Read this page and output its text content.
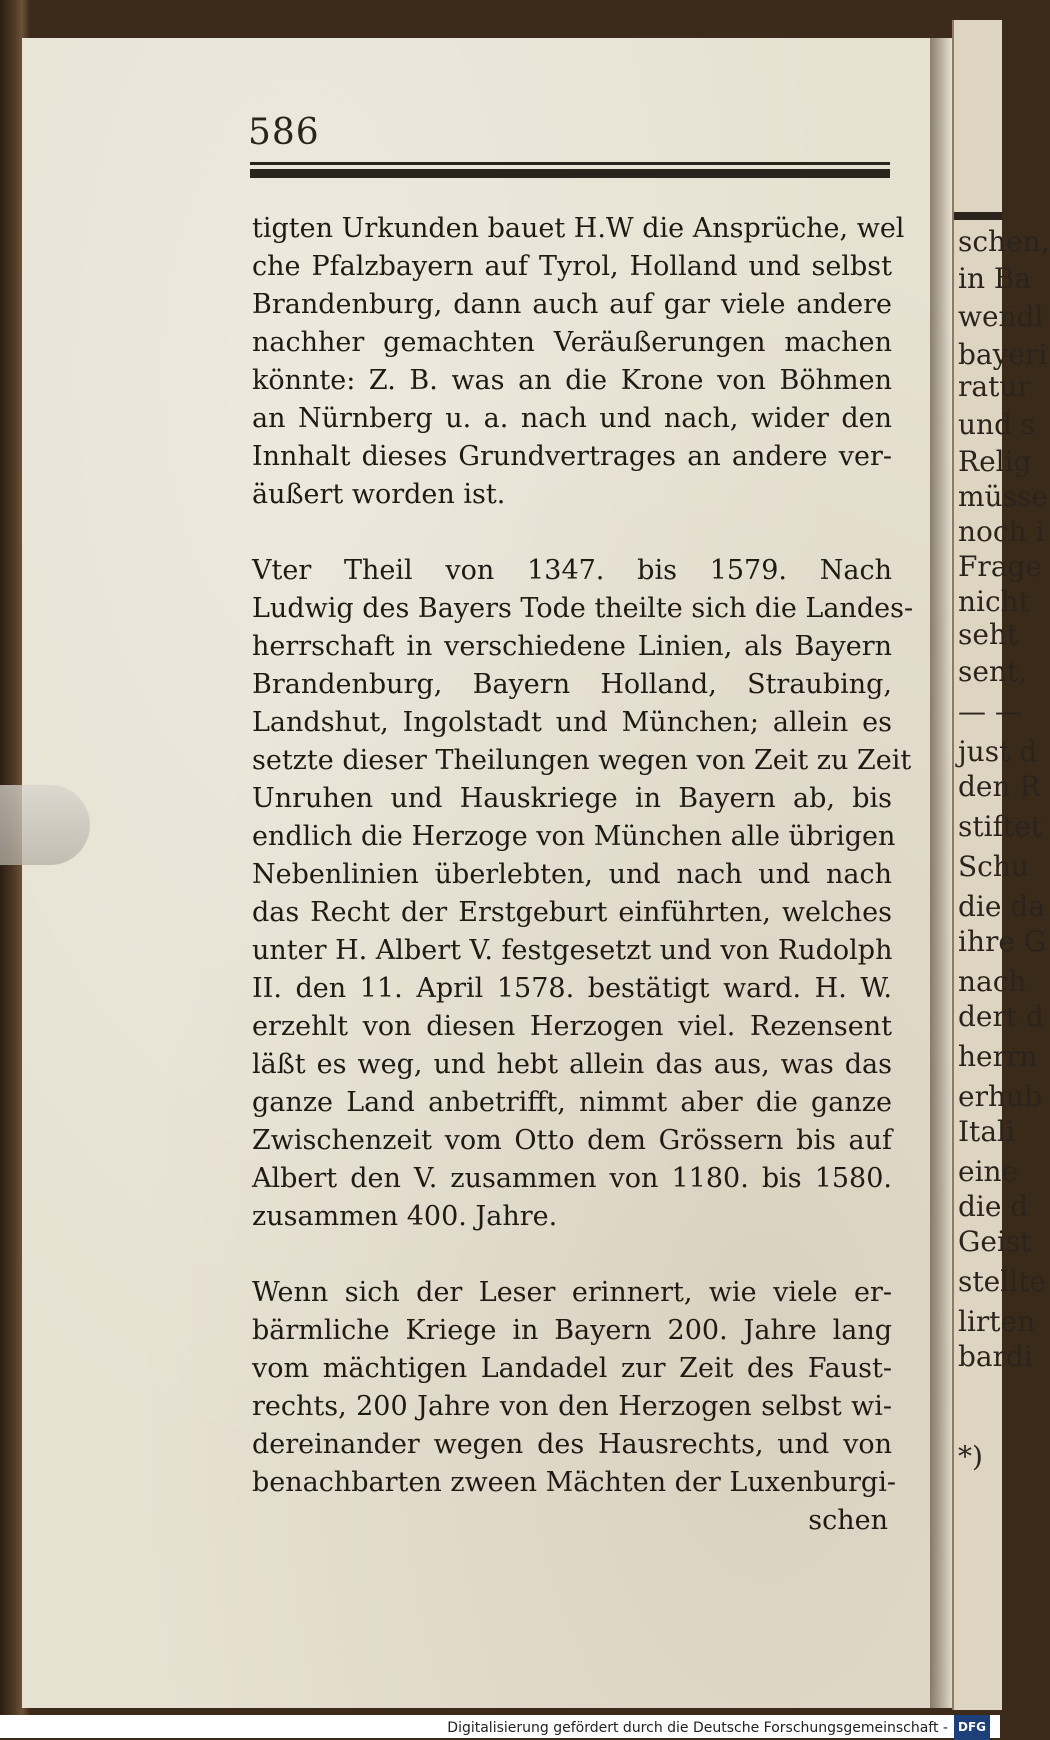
schen,
in Ba
wendl
bayeri
ratur
und s
Relig
müsse
noch i
Frage
nicht
seht
sent,
— —
just d
den R
stiftet
Schu
die da
ihre G
nach
dert d
herrn
erhub
Itali
eine
die d
Geist
stellte
lirten
bardi
*)
586
tigten Urkunden bauet H.W die Ansprüche, wel
che Pfalzbayern auf Tyrol, Holland und selbst
Brandenburg, dann auch auf gar viele andere
nachher gemachten Veräußerungen machen
könnte: Z. B. was an die Krone von Böhmen
an Nürnberg u. a. nach und nach, wider den
Innhalt dieses Grundvertrages an andere ver-
äußert worden ist.
Vter Theil von 1347. bis 1579. Nach
Ludwig des Bayers Tode theilte sich die Landes-
herrschaft in verschiedene Linien, als Bayern
Brandenburg, Bayern Holland, Straubing,
Landshut, Ingolstadt und München; allein es
setzte dieser Theilungen wegen von Zeit zu Zeit
Unruhen und Hauskriege in Bayern ab, bis
endlich die Herzoge von München alle übrigen
Nebenlinien überlebten, und nach und nach
das Recht der Erstgeburt einführten, welches
unter H. Albert V. festgesetzt und von Rudolph
II. den 11. April 1578. bestätigt ward. H. W.
erzehlt von diesen Herzogen viel. Rezensent
läßt es weg, und hebt allein das aus, was das
ganze Land anbetrifft, nimmt aber die ganze
Zwischenzeit vom Otto dem Grössern bis auf
Albert den V. zusammen von 1180. bis 1580.
zusammen 400. Jahre.
Wenn sich der Leser erinnert, wie viele er-
bärmliche Kriege in Bayern 200. Jahre lang
vom mächtigen Landadel zur Zeit des Faust-
rechts, 200 Jahre von den Herzogen selbst wi-
dereinander wegen des Hausrechts, und von
benachbarten zween Mächten der Luxenburgi-
schen
Digitalisierung gefördert durch die Deutsche Forschungsgemeinschaft - DFG
